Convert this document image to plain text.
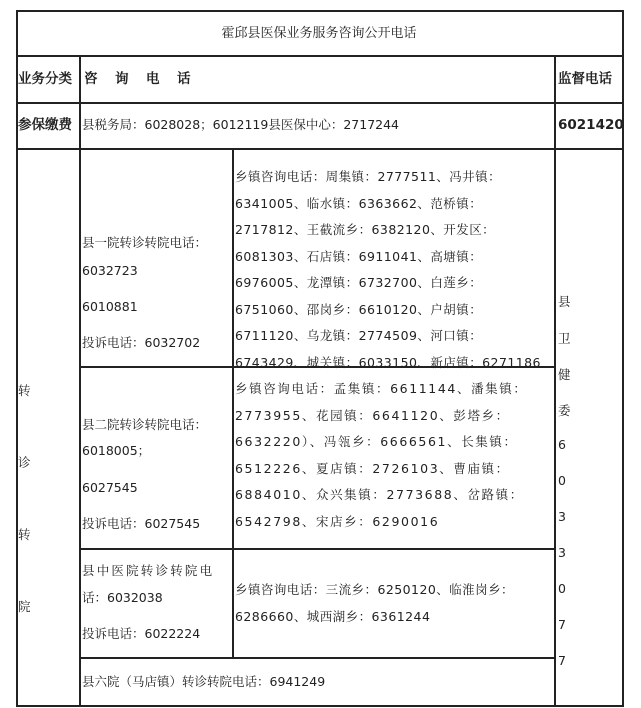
霍邱县医保业务服务咨询公开电话
业务分类 咨　询　电　话	监督电话
参保缴费 县税务局：6028028；6012119县医保中心：2717244	6021420
转
诊
转
院
县
卫
健
委
6
0
3
3
0
7
7
县一院转诊转院电话：
6032723
6010881
投诉电话：6032702
乡镇咨询电话：周集镇：2777511、冯井镇：6341005、临水镇：6363662、范桥镇：2717812、王截流乡：6382120、开发区：6081303、石店镇：6911041、高塘镇：6976005、龙潭镇：6732700、白莲乡：6751060、邵岗乡：6610120、户胡镇：6711120、乌龙镇：2774509、河口镇：6743429、城关镇：6033150、新店镇：6271186
县二院转诊转院电话：
6018005；
6027545
投诉电话：6027545
乡镇咨询电话：孟集镇：6611144、潘集镇：2773955、花园镇：6641120、彭塔乡：6632220）、冯瓴乡：6666561、长集镇：6512226、夏店镇：2726103、曹庙镇：6884010、众兴集镇：2773688、岔路镇：6542798、宋店乡：6290016
县中医院转诊转院电
话：6032038
投诉电话：6022224
乡镇咨询电话：三流乡：6250120、临淮岗乡：6286660、城西湖乡：6361244
县六院（马店镇）转诊转院电话：6941249
